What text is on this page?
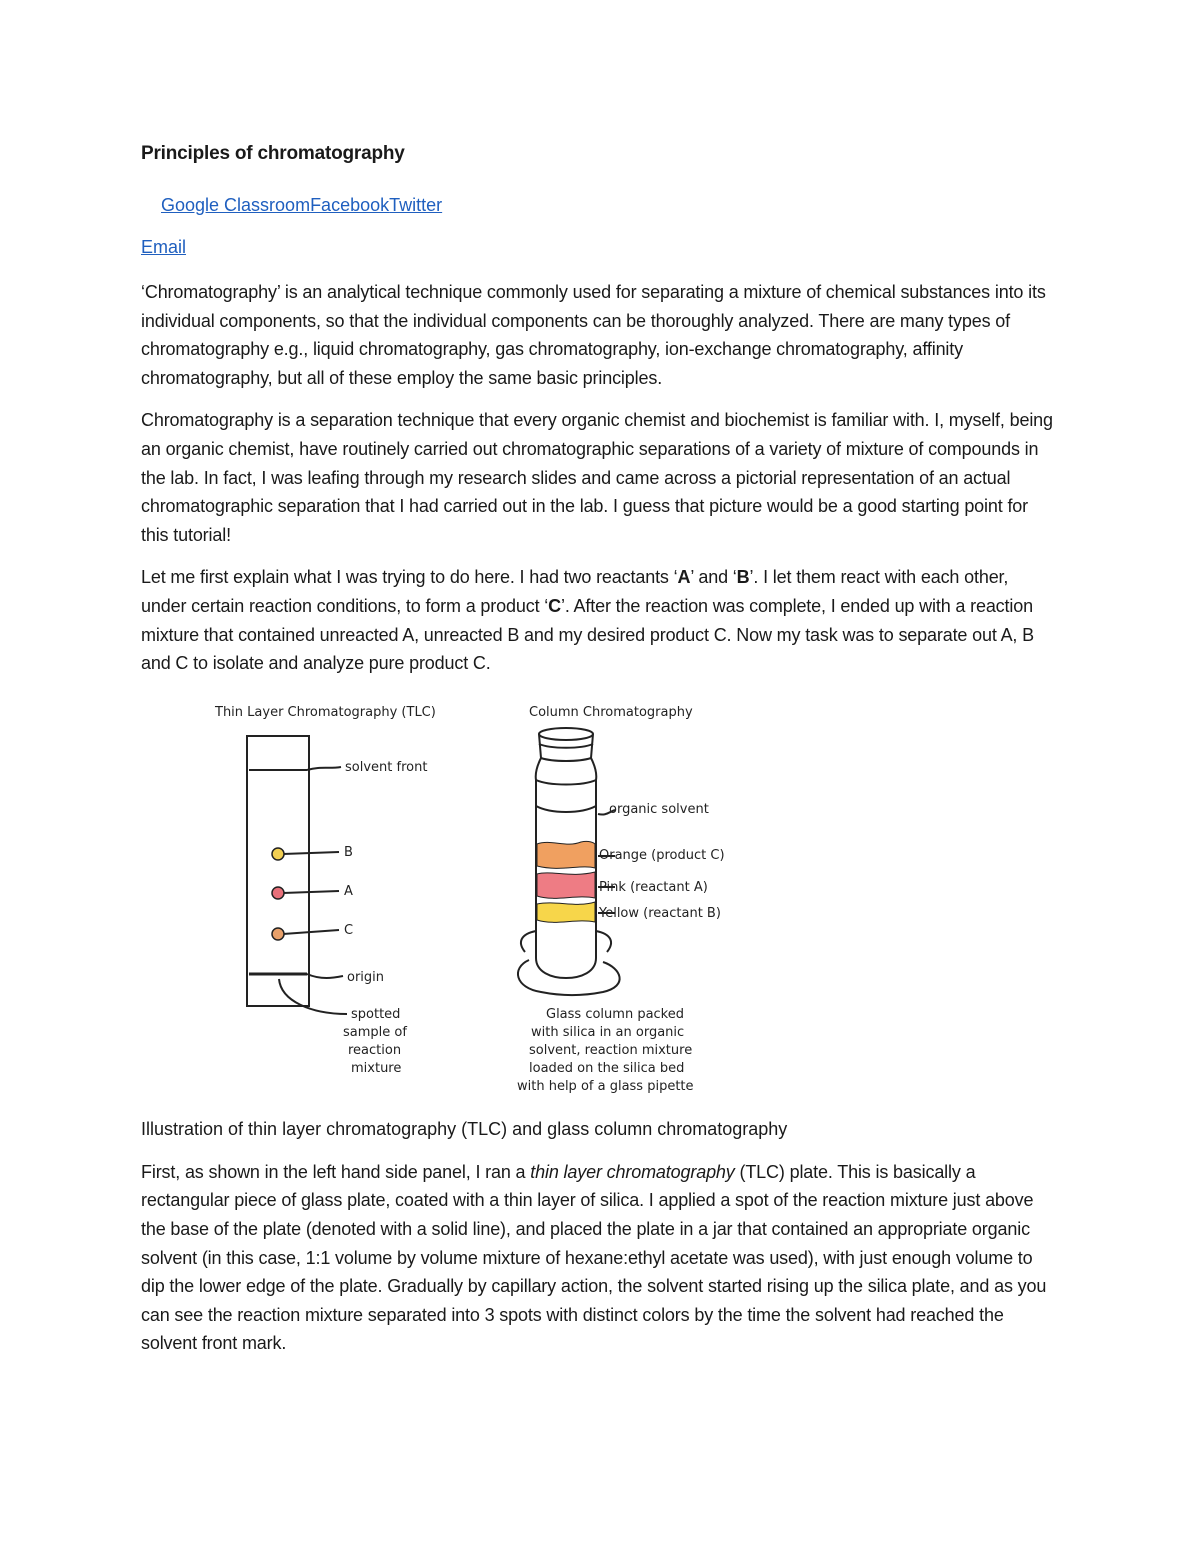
Principles of chromatography
Google ClassroomFacebookTwitter
Email

‘Chromatography’ is an analytical technique commonly used for separating a mixture of chemical substances into its individual components, so that the individual components can be thoroughly analyzed. There are many types of chromatography e.g., liquid chromatography, gas chromatography, ion-exchange chromatography, affinity chromatography, but all of these employ the same basic principles.

Chromatography is a separation technique that every organic chemist and biochemist is familiar with. I, myself, being an organic chemist, have routinely carried out chromatographic separations of a variety of mixture of compounds in the lab. In fact, I was leafing through my research slides and came across a pictorial representation of an actual chromatographic separation that I had carried out in the lab. I guess that picture would be a good starting point for this tutorial!

Let me first explain what I was trying to do here. I had two reactants ‘A’ and ‘B’. I let them react with each other, under certain reaction conditions, to form a product ‘C’. After the reaction was complete, I ended up with a reaction mixture that contained unreacted A, unreacted B and my desired product C. Now my task was to separate out A, B and C to isolate and analyze pure product C.

Thin Layer Chromatography (TLC)
solvent front
B
A
C
origin
spotted
sample of
reaction
mixture
Column Chromatography
organic solvent
Orange (product C)
Pink (reactant A)
Yellow (reactant B)
Glass column packed
with silica in an organic
solvent, reaction mixture
loaded on the silica bed
with help of a glass pipette
Illustration of thin layer chromatography (TLC) and glass column chromatography

First, as shown in the left hand side panel, I ran a thin layer chromatography (TLC) plate. This is basically a rectangular piece of glass plate, coated with a thin layer of silica. I applied a spot of the reaction mixture just above the base of the plate (denoted with a solid line), and placed the plate in a jar that contained an appropriate organic solvent (in this case, 1:1 volume by volume mixture of hexane:ethyl acetate was used), with just enough volume to dip the lower edge of the plate. Gradually by capillary action, the solvent started rising up the silica plate, and as you can see the reaction mixture separated into 3 spots with distinct colors by the time the solvent had reached the solvent front mark.
